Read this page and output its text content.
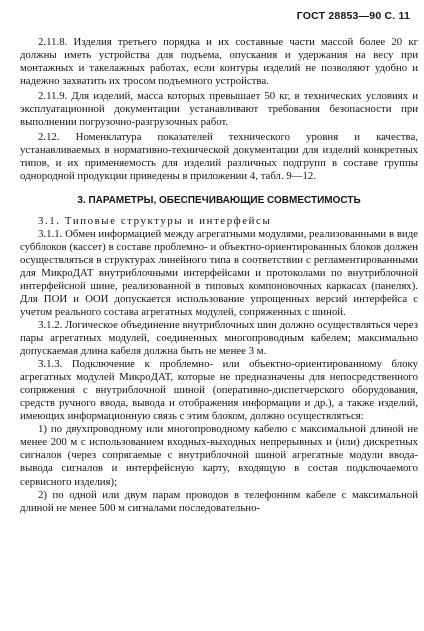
ГОСТ 28853—90 С. 11

2.11.8. Изделия третьего порядка и их составные части массой более 20 кг должны иметь устройства для подъема, опускания и удержания на весу при монтажных и такелажных работах, если контуры изделий не позволяют удобно и надежно захватить их тросом подъемного устройства.

2.11.9. Для изделий, масса которых превышает 50 кг, в технических условиях и эксплуатационной документации устанавливают требования безопасности при выполнении погрузочно-разгрузочных работ.

2.12. Номенклатура показателей технического уровня и качества, устанавливаемых в нормативно-технической документации для изделий конкретных типов, и их применяемость для изделий различных подгрупп в составе группы однородной продукции приведены в приложении 4, табл. 9—12.

3. ПАРАМЕТРЫ, ОБЕСПЕЧИВАЮЩИЕ СОВМЕСТИМОСТЬ

3.1. Типовые структуры и интерфейсы

3.1.1. Обмен информацией между агрегатными модулями, реализованными в виде субблоков (кассет) в составе проблемно- и объектно-ориентированных блоков должен осуществляться в структурах линейного типа в соответствии с регламентированными для МикроДАТ внутриблочными интерфейсами и протоколами по внутриблочной интерфейсной шине, реализованной в типовых компоновочных каркасах (панелях). Для ПОИ и ООИ допускается использование упрощенных версий интерфейса с учетом реального состава агрегатных модулей, сопряженных с шиной.

3.1.2. Логическое объединение внутриблочных шин должно осуществляться через пары агрегатных модулей, соединенных многопроводным кабелем; максимально допускаемая длина кабеля должна быть не менее 3 м.

3.1.3. Подключение к проблемно- или объектно-ориентированному блоку агрегатных модулей МикроДАТ, которые не предназначены для непосредственного сопряжения с внутриблочной шиной (оперативно-диспетчерского оборудования, средств ручного ввода, вывода и отображения информации и др.), а также изделий, имеющих информационную связь с этим блоком, должно осуществляться:

1) по двухпроводному или многопроводному кабелю с максимальной длиной не менее 200 м с использованием входных-выходных непрерывных и (или) дискретных сигналов (через сопрягаемые с внутриблочной шиной агрегатные модули ввода-вывода сигналов и интерфейсную карту, входящую в состав подключаемого сервисного изделия);

2) по одной или двум парам проводов в телефонном кабеле с максимальной длиной не менее 500 м сигналами последовательно-
